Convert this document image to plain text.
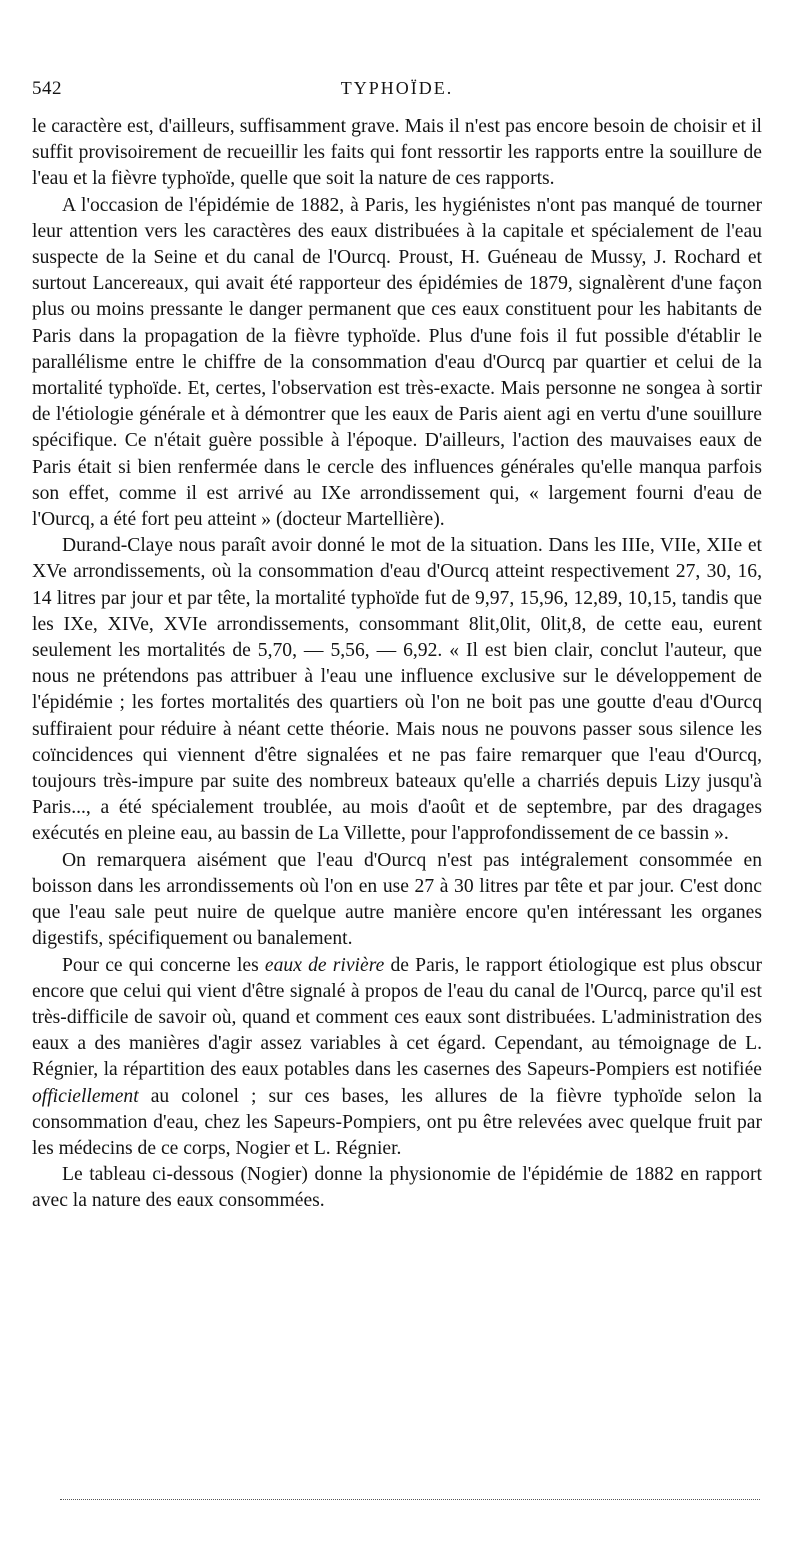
542	TYPHOÏDE.

le caractère est, d'ailleurs, suffisamment grave. Mais il n'est pas encore besoin de choisir et il suffit provisoirement de recueillir les faits qui font ressortir les rapports entre la souillure de l'eau et la fièvre typhoïde, quelle que soit la nature de ces rapports.

A l'occasion de l'épidémie de 1882, à Paris, les hygiénistes n'ont pas manqué de tourner leur attention vers les caractères des eaux distribuées à la capitale et spécialement de l'eau suspecte de la Seine et du canal de l'Ourcq. Proust, H. Guéneau de Mussy, J. Rochard et surtout Lancereaux, qui avait été rapporteur des épidémies de 1879, signalèrent d'une façon plus ou moins pressante le danger permanent que ces eaux constituent pour les habitants de Paris dans la propagation de la fièvre typhoïde. Plus d'une fois il fut possible d'établir le parallélisme entre le chiffre de la consommation d'eau d'Ourcq par quartier et celui de la mortalité typhoïde. Et, certes, l'observation est très-exacte. Mais personne ne songea à sortir de l'étiologie générale et à démontrer que les eaux de Paris aient agi en vertu d'une souillure spécifique. Ce n'était guère possible à l'époque. D'ailleurs, l'action des mauvaises eaux de Paris était si bien renfermée dans le cercle des influences générales qu'elle manqua parfois son effet, comme il est arrivé au IXe arrondissement qui, « largement fourni d'eau de l'Ourcq, a été fort peu atteint » (docteur Martellière).

Durand-Claye nous paraît avoir donné le mot de la situation. Dans les IIIe, VIIe, XIIe et XVe arrondissements, où la consommation d'eau d'Ourcq atteint respectivement 27, 30, 16, 14 litres par jour et par tête, la mortalité typhoïde fut de 9,97, 15,96, 12,89, 10,15, tandis que les IXe, XIVe, XVIe arrondissements, consommant 8lit,0lit, 0lit,8, de cette eau, eurent seulement les mortalités de 5,70, — 5,56, — 6,92. « Il est bien clair, conclut l'auteur, que nous ne prétendons pas attribuer à l'eau une influence exclusive sur le développement de l'épidémie ; les fortes mortalités des quartiers où l'on ne boit pas une goutte d'eau d'Ourcq suffiraient pour réduire à néant cette théorie. Mais nous ne pouvons passer sous silence les coïncidences qui viennent d'être signalées et ne pas faire remarquer que l'eau d'Ourcq, toujours très-impure par suite des nombreux bateaux qu'elle a charriés depuis Lizy jusqu'à Paris..., a été spécialement troublée, au mois d'août et de septembre, par des dragages exécutés en pleine eau, au bassin de La Villette, pour l'approfondissement de ce bassin ».

On remarquera aisément que l'eau d'Ourcq n'est pas intégralement consommée en boisson dans les arrondissements où l'on en use 27 à 30 litres par tête et par jour. C'est donc que l'eau sale peut nuire de quelque autre manière encore qu'en intéressant les organes digestifs, spécifiquement ou banalement.

Pour ce qui concerne les eaux de rivière de Paris, le rapport étiologique est plus obscur encore que celui qui vient d'être signalé à propos de l'eau du canal de l'Ourcq, parce qu'il est très-difficile de savoir où, quand et comment ces eaux sont distribuées. L'administration des eaux a des manières d'agir assez variables à cet égard. Cependant, au témoignage de L. Régnier, la répartition des eaux potables dans les casernes des Sapeurs-Pompiers est notifiée officiellement au colonel ; sur ces bases, les allures de la fièvre typhoïde selon la consommation d'eau, chez les Sapeurs-Pompiers, ont pu être relevées avec quelque fruit par les médecins de ce corps, Nogier et L. Régnier.

Le tableau ci-dessous (Nogier) donne la physionomie de l'épidémie de 1882 en rapport avec la nature des eaux consommées.
